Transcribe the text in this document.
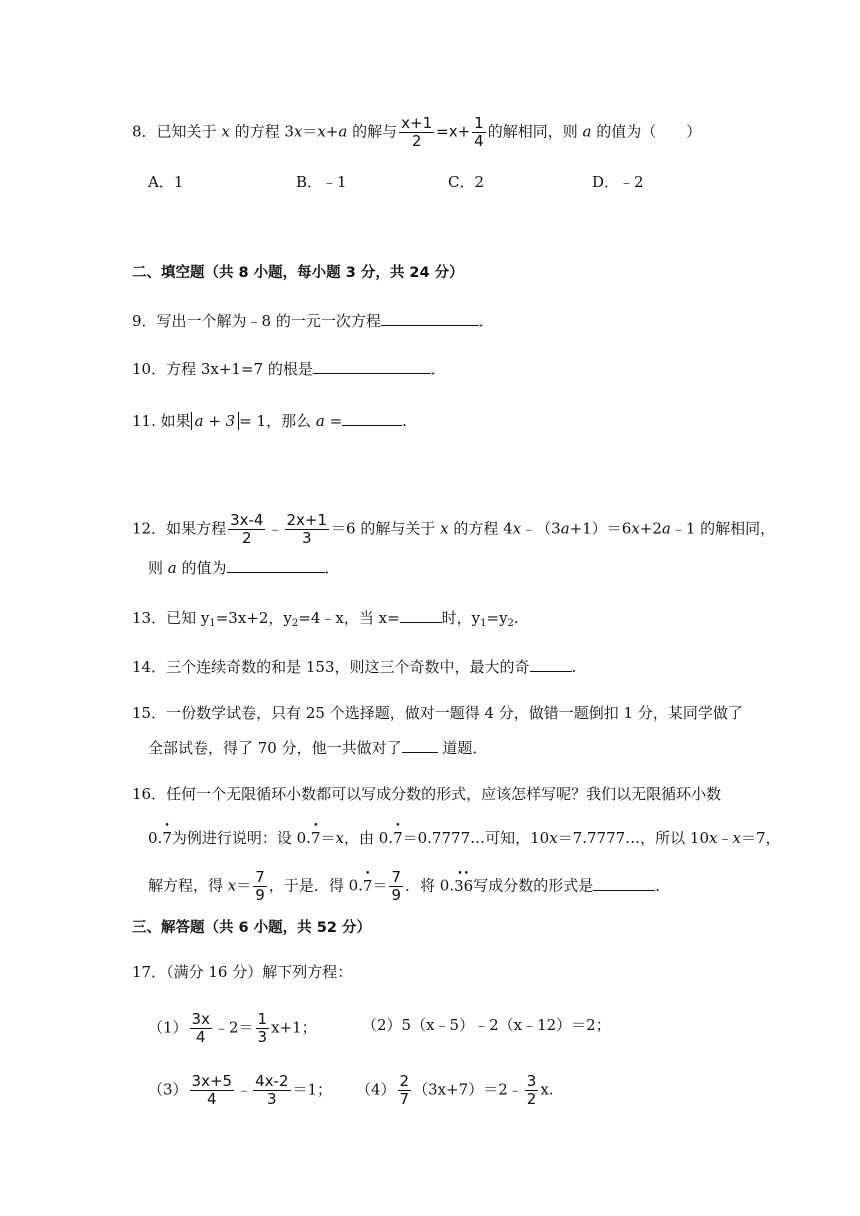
8．已知关于 x 的方程 3x＝x+a 的解与 $\frac{x+1}{2} =x+ \frac{1}{4}$ 的解相同，则 a 的值为（　　）
A．1	B．﹣1	C．2	D．﹣2
二、填空题（共 8 小题，每小题 3 分，共 24 分）
9．写出一个解为﹣8 的一元一次方程	．
10．方程 3x+1=7 的根是	．
11. 如果 a + 3 = 1，那么 a =	.
12．如果方程 $\frac{3x-4}{2}$ ﹣ $\frac{2x+1}{3} =6$ 的解与关于 x 的方程 4x﹣（3a+1）＝6x+2a﹣1 的解相同，
则 a 的值为	．
13．已知 $y_1=3x+2$，$y_2=4﹣x$，当 x=	时，$y_1=y_2$.
14．三个连续奇数的和是 153，则这三个奇数中，最大的奇	.
15．一份数学试卷，只有 25 个选择题，做对一题得 4 分，做错一题倒扣 1 分，某同学做了
全部试卷，得了 70 分，他一共做对了 道题．
16．任何一个无限循环小数都可以写成分数的形式，应该怎样写呢？我们以无限循环小数
0.• 7为例进行说明：设 0.• 7＝x，由 0.• 7＝0.7777…可知，10x＝7.7777…，所以 10x﹣x＝7，
解方程，得 $x= \frac{7}{9}$ ，于是．得 0.• $7= \frac{7}{9}$ ．将 0.•• 36写成分数的形式是	．
三、解答题（共 6 小题，共 52 分）
17．（满分 16 分）解下列方程：
$(1) \frac{3x}{4}$ ﹣2＝ $\frac{1}{3} x+1$；	（2）5（x﹣5）﹣2（x﹣12）＝2；
$(3) \frac{3x+5}{4}$ ﹣ $\frac{4x-2}{3} =1$； $(4) \frac{2}{7}$ （3x+7）＝2﹣ $\frac{3}{2} x$.
